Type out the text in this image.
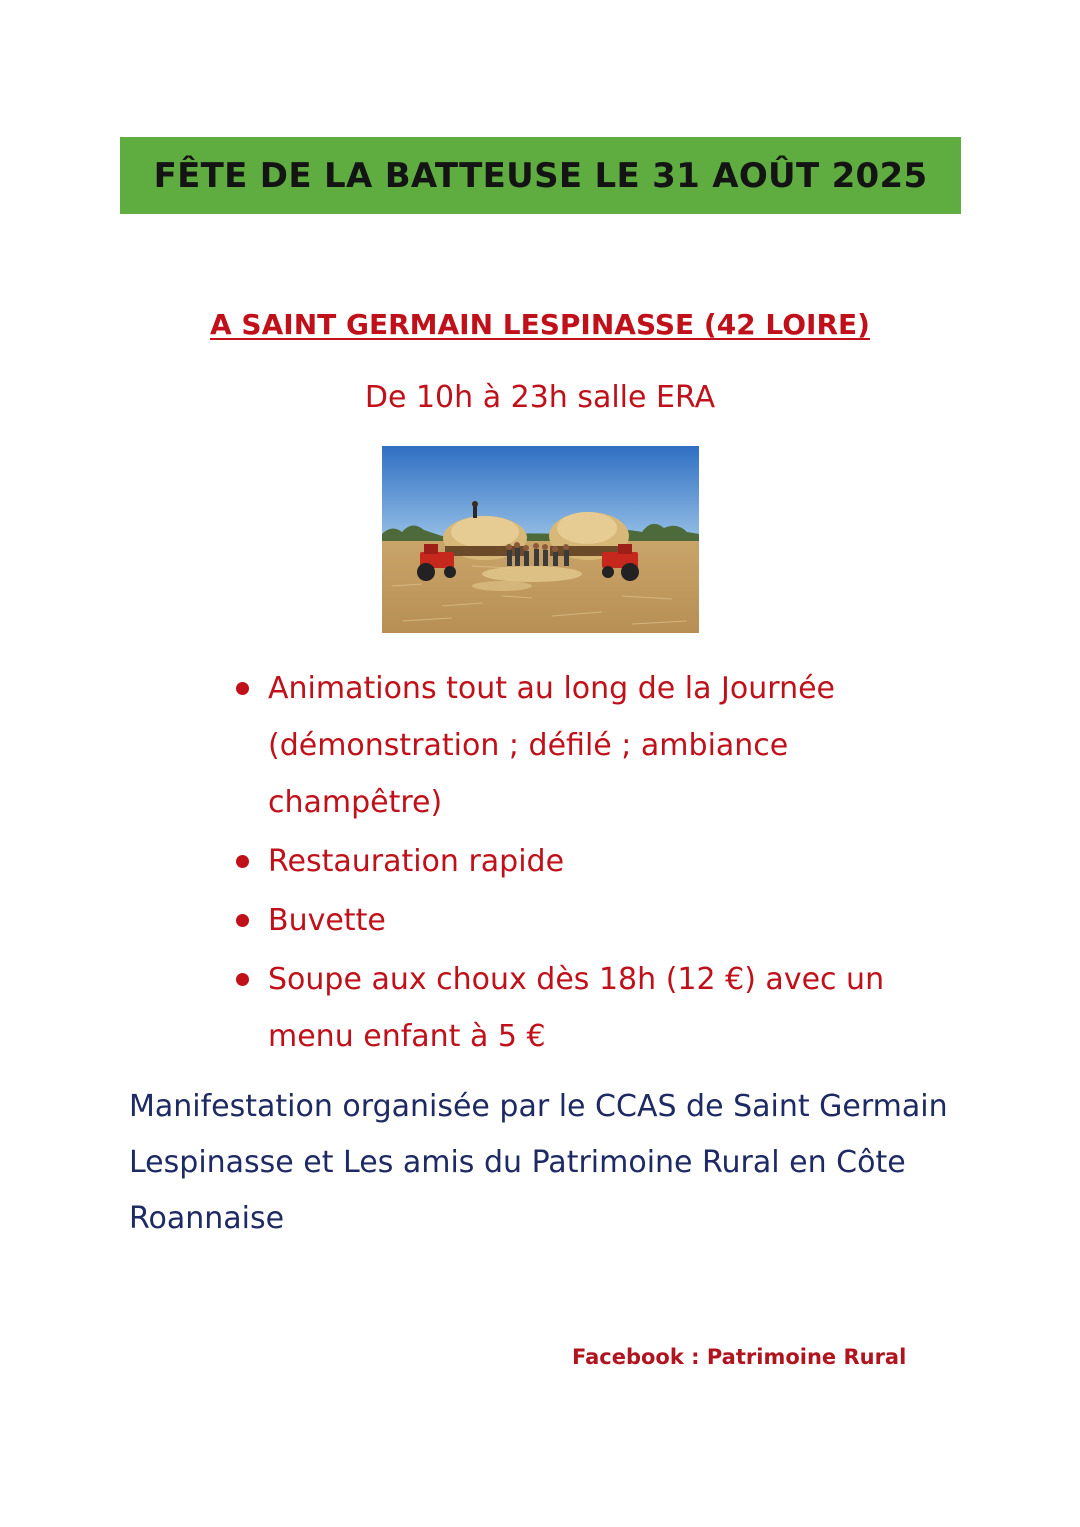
FÊTE DE LA BATTEUSE LE 31 AOÛT 2025
A SAINT GERMAIN LESPINASSE (42 LOIRE)
De 10h à 23h salle ERA
Animations tout au long de la Journée (démonstration ; défilé ; ambiance champêtre)
Restauration rapide
Buvette
Soupe aux choux dès 18h (12 €) avec un menu enfant à 5 €
Manifestation organisée par le CCAS de Saint Germain Lespinasse et Les amis du Patrimoine Rural en Côte Roannaise
Facebook : Patrimoine Rural
